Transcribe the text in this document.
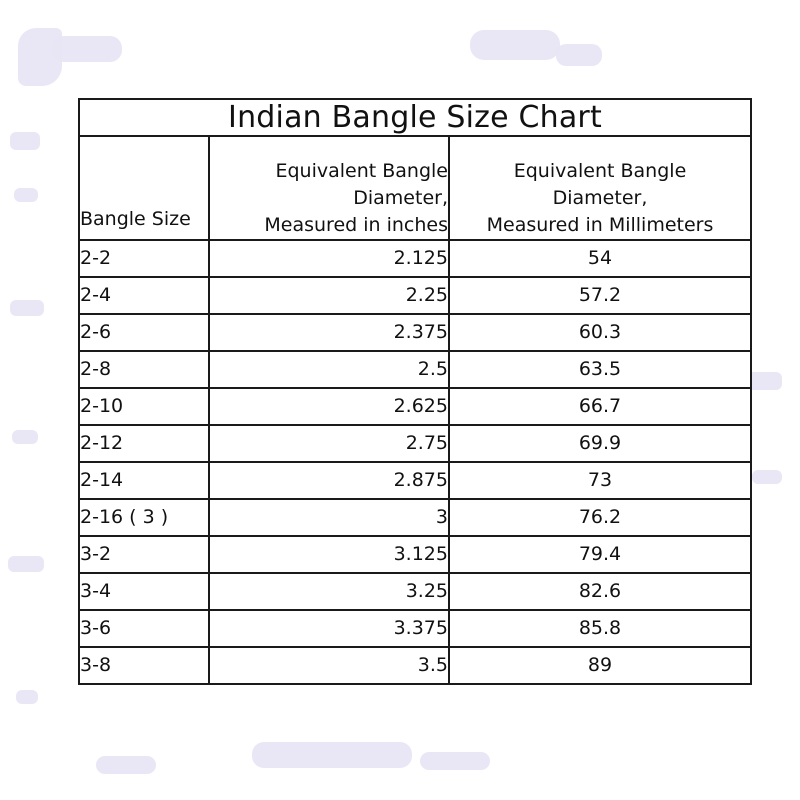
Indian Bangle Size Chart		

Bangle Size

Equivalent Bangle
Diameter,
Measured in inches

Equivalent Bangle
Diameter,
Measured in Millimeters

2-2	2.125	54
2-4	2.25	57.2
2-6	2.375	60.3
2-8	2.5	63.5
2-10	2.625	66.7
2-12	2.75	69.9
2-14	2.875	73
2-16 ( 3 )	3	76.2
3-2	3.125	79.4
3-4	3.25	82.6
3-6	3.375	85.8
3-8	3.5	89
